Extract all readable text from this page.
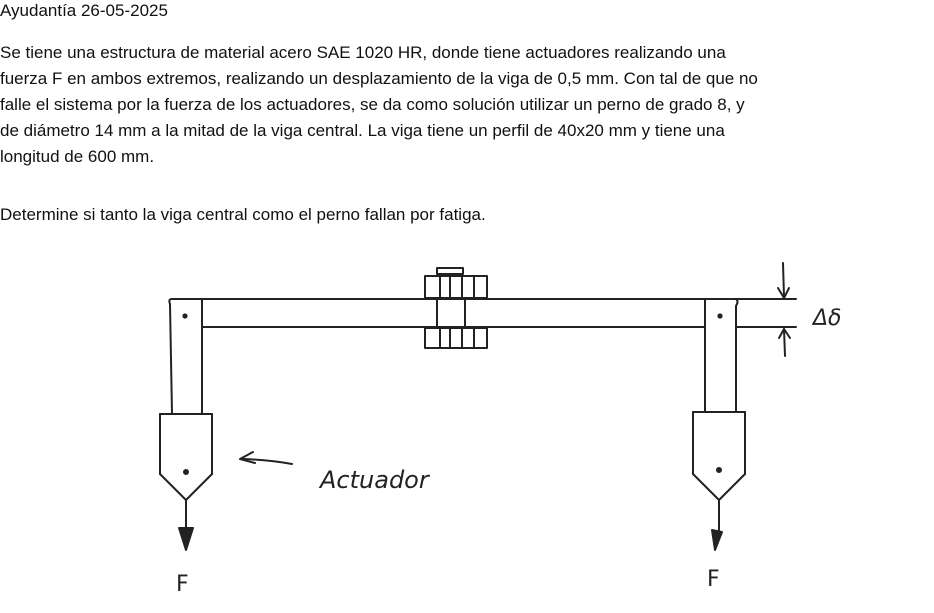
Ayudantía 26-05-2025
Se tiene una estructura de material acero SAE 1020 HR, donde tiene actuadores realizando una
fuerza F en ambos extremos, realizando un desplazamiento de la viga de 0,5 mm. Con tal de que no
falle el sistema por la fuerza de los actuadores, se da como solución utilizar un perno de grado 8, y
de diámetro 14 mm a la mitad de la viga central. La viga tiene un perfil de 40x20 mm y tiene una
longitud de 600 mm.
Determine si tanto la viga central como el perno fallan por fatiga.
Actuador
Δδ
F	F
